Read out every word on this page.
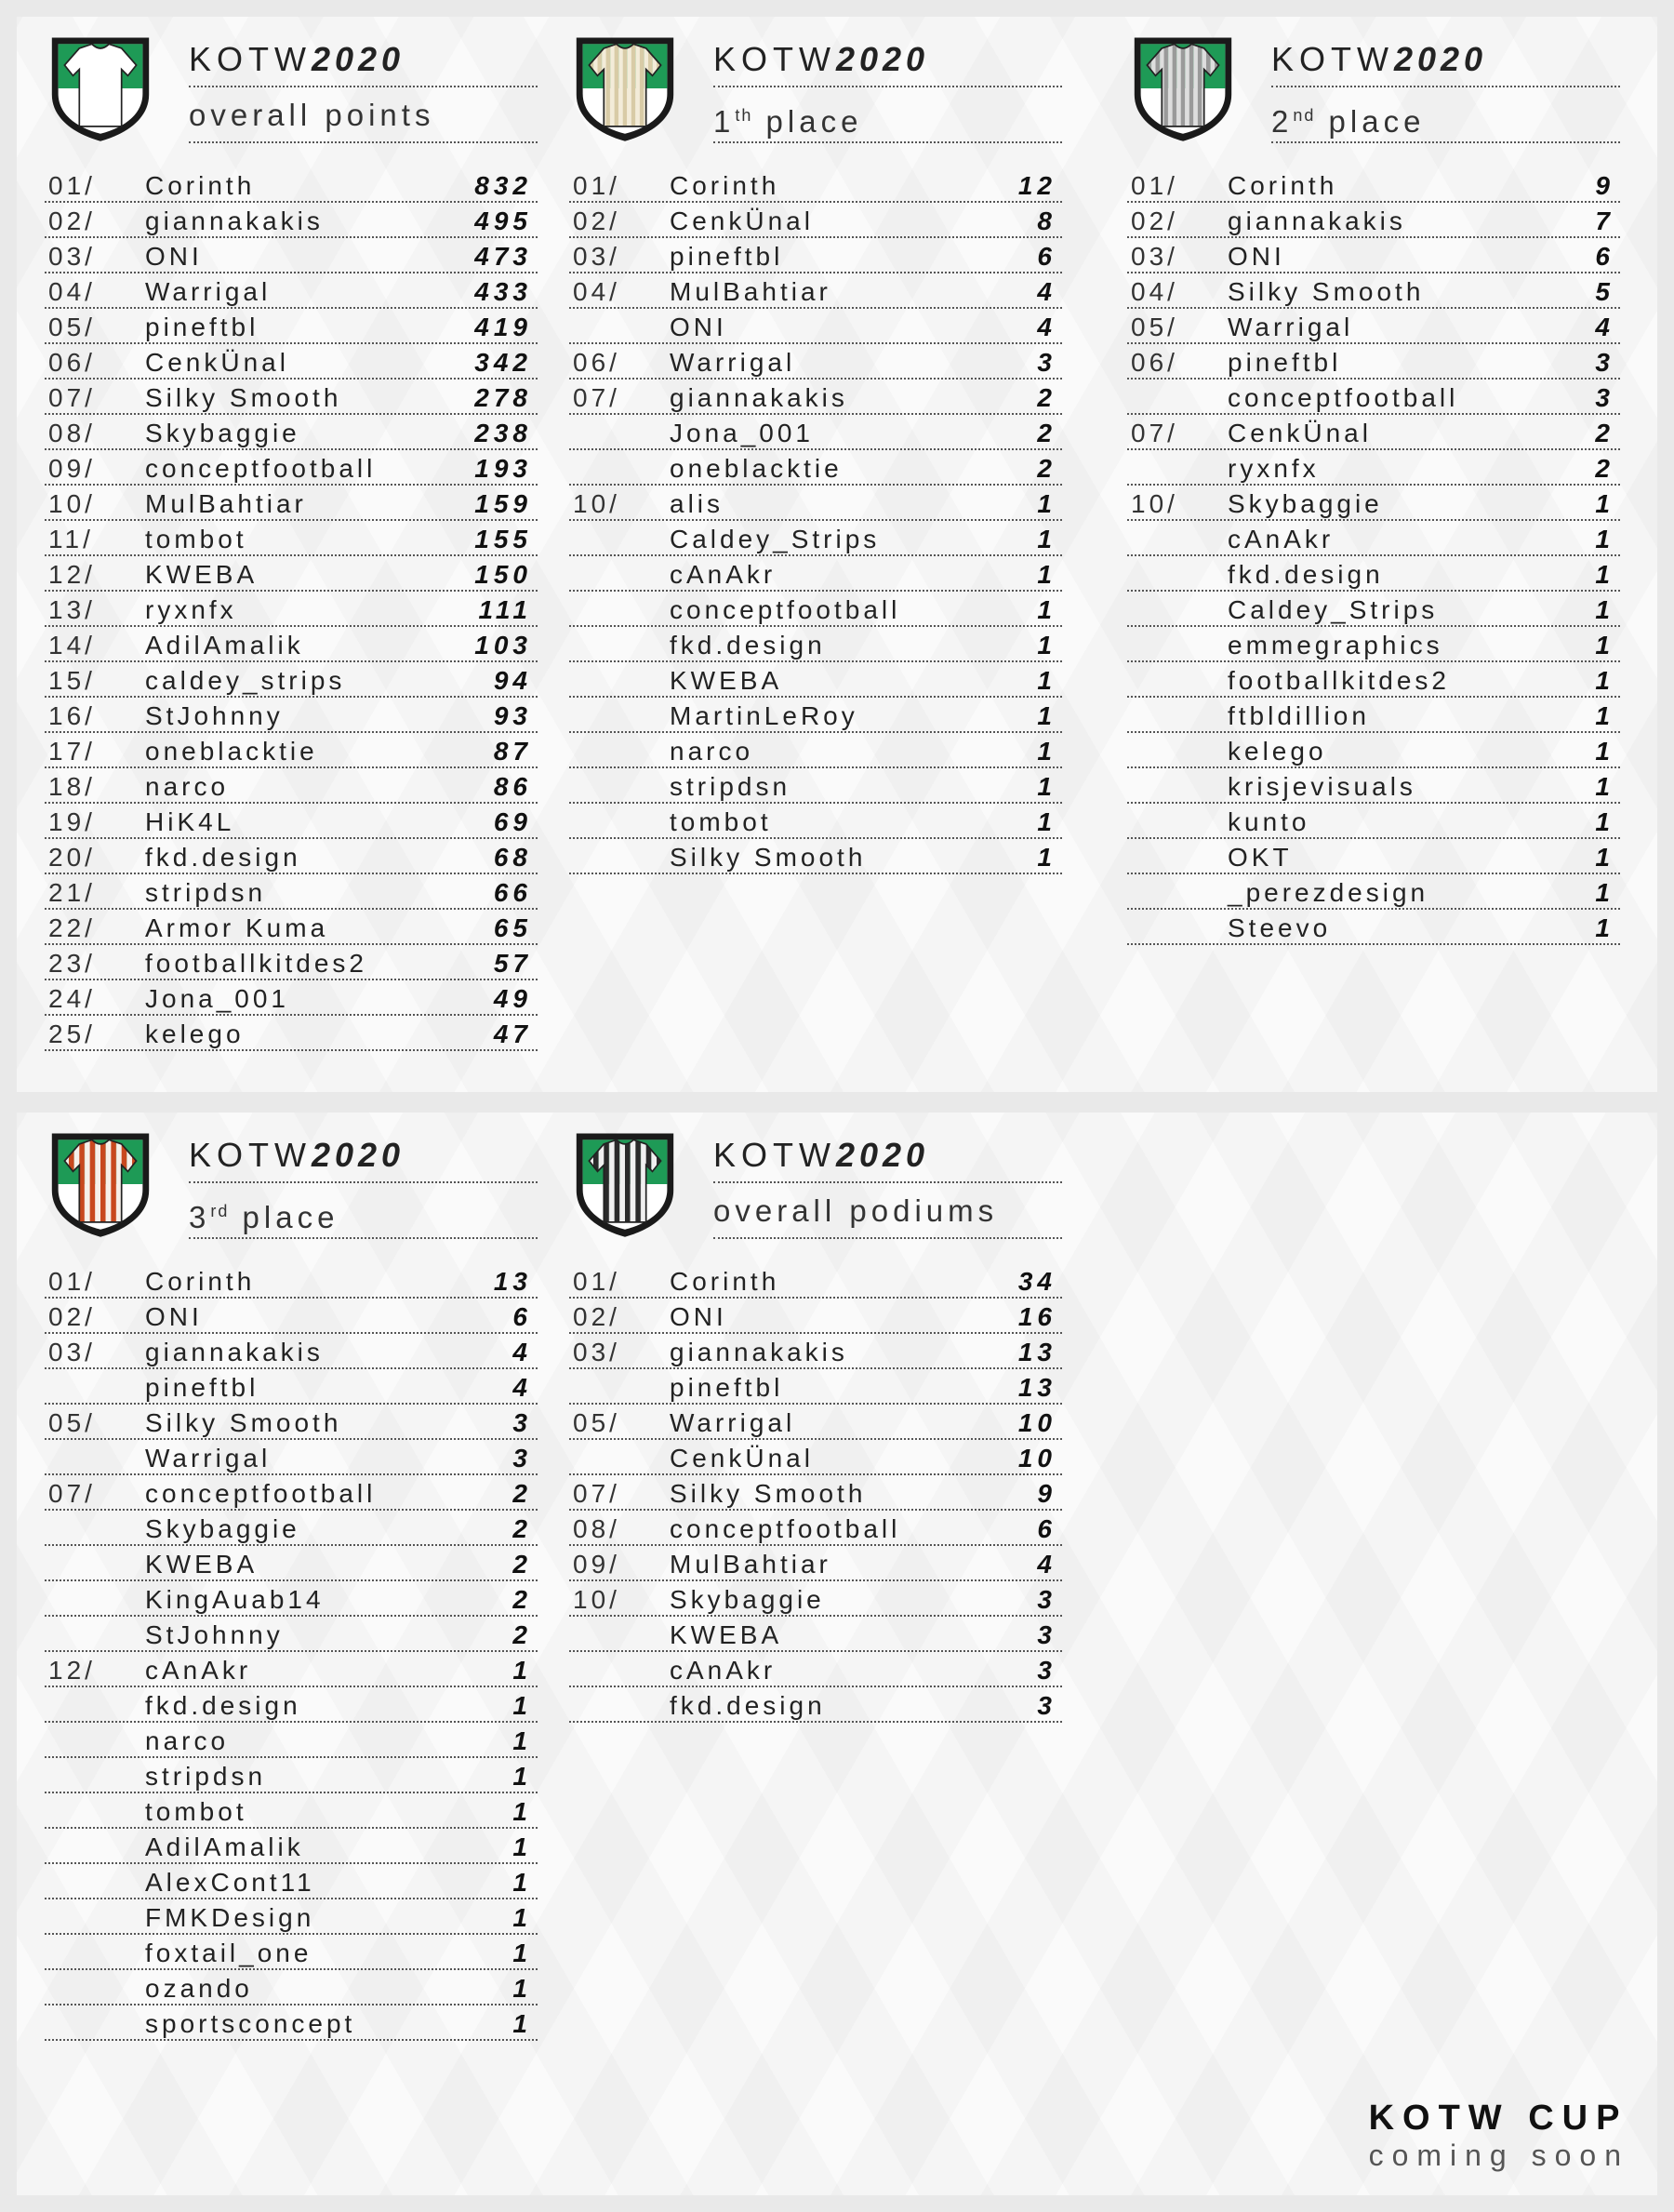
KOTW2020
overall points
01/ Corinth	832
02/ giannakakis	495
03/ ONI	473
04/ Warrigal	433
05/ pineftbl	419
06/ CenkÜnal	342
07/ Silky Smooth	278
08/ Skybaggie	238
09/ conceptfootball	193
10/ MulBahtiar	159
11/ tombot	155
12/ KWEBA	150
13/ ryxnfx	111
14/ AdilAmalik	103
15/ caldey_strips	94
16/ StJohnny	93
17/ oneblacktie	87
18/ narco	86
19/ HiK4L	69
20/ fkd.design	68
21/ stripdsn	66
22/ Armor Kuma	65
23/ footballkitdes2	57
24/ Jona_001	49
25/ kelego	47
KOTW2020
1th place
01/ Corinth	12
02/ CenkÜnal	8
03/ pineftbl	6
04/ MulBahtiar	4
ONI	4
06/ Warrigal	3
07/ giannakakis	2
Jona_001	2
oneblacktie	2
10/ alis	1
Caldey_Strips	1
cAnAkr	1
conceptfootball	1
fkd.design	1
KWEBA	1
MartinLeRoy	1
narco	1
stripdsn	1
tombot	1
Silky Smooth	1
KOTW2020
2nd place
01/ Corinth	9
02/ giannakakis	7
03/ ONI	6
04/ Silky Smooth	5
05/ Warrigal	4
06/ pineftbl	3
conceptfootball	3
07/ CenkÜnal	2
ryxnfx	2
10/ Skybaggie	1
cAnAkr	1
fkd.design	1
Caldey_Strips	1
emmegraphics	1
footballkitdes2	1
ftbldillion	1
kelego	1
krisjevisuals	1
kunto	1
OKT	1
_perezdesign	1
Steevo	1
KOTW2020
3rd place
01/ Corinth	13
02/ ONI	6
03/ giannakakis	4
pineftbl	4
05/ Silky Smooth	3
Warrigal	3
07/ conceptfootball	2
Skybaggie	2
KWEBA	2
KingAuab14	2
StJohnny	2
12/ cAnAkr	1
fkd.design	1
narco	1
stripdsn	1
tombot	1
AdilAmalik	1
AlexCont11	1
FMKDesign	1
foxtail_one	1
ozando	1
sportsconcept	1
KOTW2020
overall podiums
01/ Corinth	34
02/ ONI	16
03/ giannakakis	13
pineftbl	13
05/ Warrigal	10
CenkÜnal	10
07/ Silky Smooth	9
08/ conceptfootball	6
09/ MulBahtiar	4
10/ Skybaggie	3
KWEBA	3
cAnAkr	3
fkd.design	3
KOTW CUP
coming soon
